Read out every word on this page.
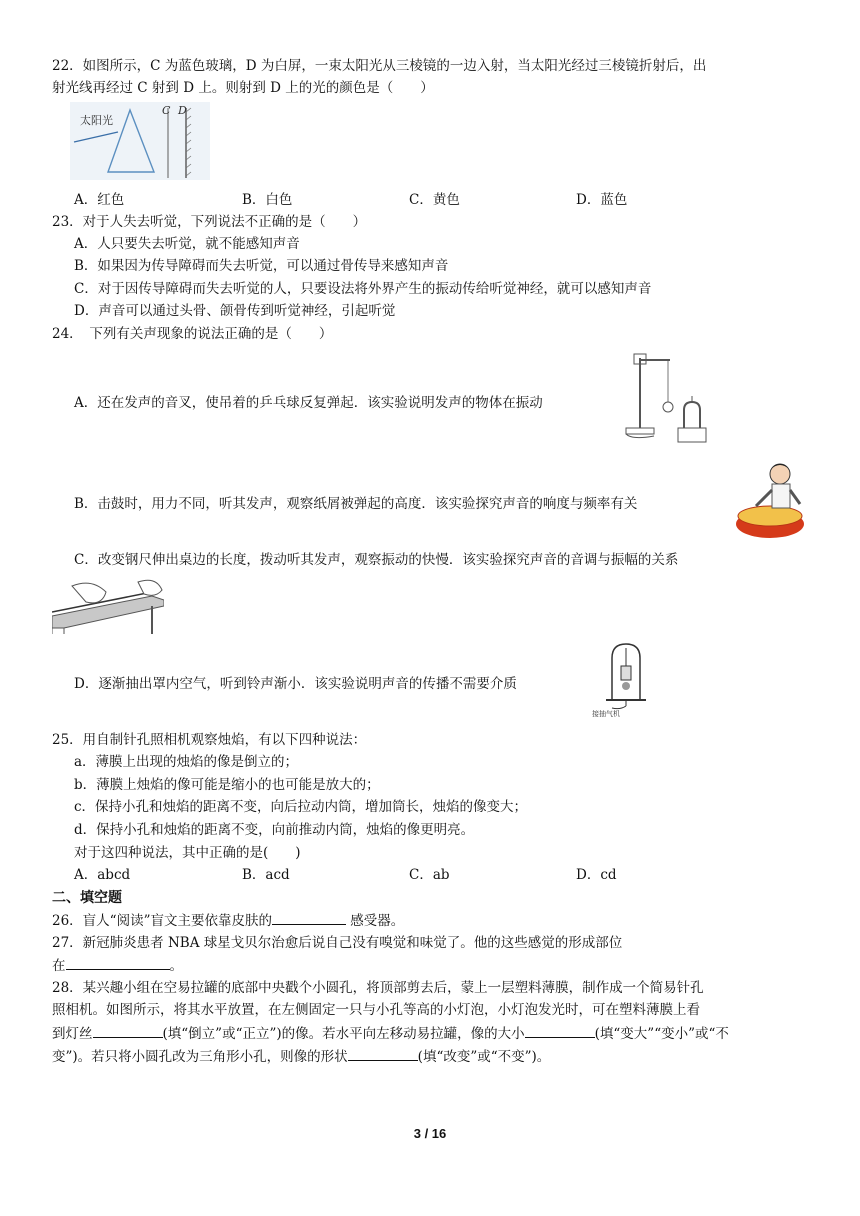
22．如图所示，C 为蓝色玻璃，D 为白屏，一束太阳光从三棱镜的一边入射，当太阳光经过三棱镜折射后，出
射光线再经过 C 射到 D 上。则射到 D 上的光的颜色是（　　）
太阳光
C D
A．红色	B．白色	C．黄色	D．蓝色
23．对于人失去听觉，下列说法不正确的是（　　）
A．人只要失去听觉，就不能感知声音
B．如果因为传导障碍而失去听觉，可以通过骨传导来感知声音
C．对于因传导障碍而失去听觉的人，只要设法将外界产生的振动传给听觉神经，就可以感知声音
D．声音可以通过头骨、颌骨传到听觉神经，引起听觉
24．　下列有关声现象的说法正确的是（　　）
A．还在发声的音叉，使吊着的乒乓球反复弹起．该实验说明发声的物体在振动
B．击鼓时，用力不同，听其发声，观察纸屑被弹起的高度．该实验探究声音的响度与频率有关
C．改变钢尺伸出桌边的长度，拨动听其发声，观察振动的快慢．该实验探究声音的音调与振幅的关系
D．逐渐抽出罩内空气，听到铃声渐小．该实验说明声音的传播不需要介质
接抽气机
25．用自制针孔照相机观察烛焰，有以下四种说法：
a．薄膜上出现的烛焰的像是倒立的；
b．薄膜上烛焰的像可能是缩小的也可能是放大的；
c．保持小孔和烛焰的距离不变，向后拉动内筒，增加筒长，烛焰的像变大；
d．保持小孔和烛焰的距离不变，向前推动内筒，烛焰的像更明亮。
对于这四种说法，其中正确的是(　　)
A．abcd	B．acd	C．ab	D．cd
二、填空题
26．盲人“阅读”盲文主要依靠皮肤的	感受器。
27．新冠肺炎患者 NBA 球星戈贝尔治愈后说自己没有嗅觉和味觉了。他的这些感觉的形成部位
在	。
28．某兴趣小组在空易拉罐的底部中央戳个小圆孔，将顶部剪去后，蒙上一层塑料薄膜，制作成一个简易针孔
照相机。如图所示，将其水平放置，在左侧固定一只与小孔等高的小灯泡，小灯泡发光时，可在塑料薄膜上看
到灯丝	(填“倒立”或“正立”)的像。若水平向左移动易拉罐，像的大小	(填“变大”“变小”或“不
变”)。若只将小圆孔改为三角形小孔，则像的形状	(填“改变”或“不变”)。
3 / 16
